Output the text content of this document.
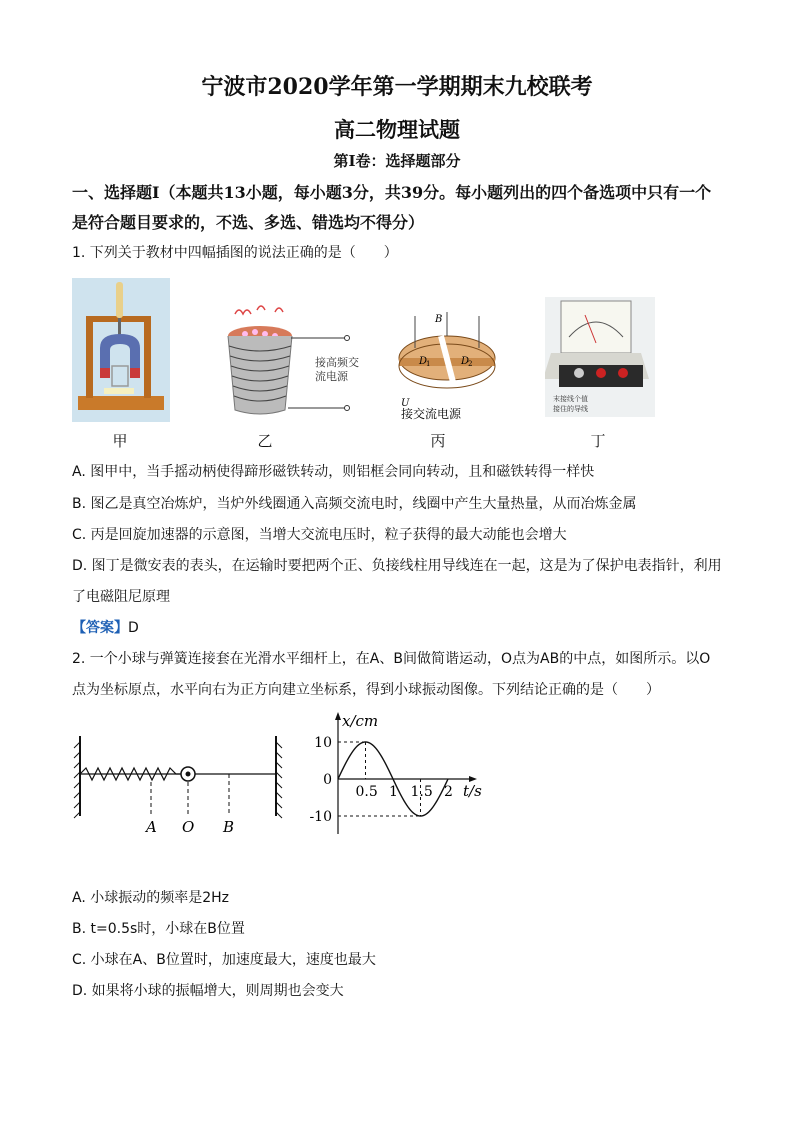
宁波市2020学年第一学期期末九校联考
高二物理试题
第Ⅰ卷：选择题部分
一、选择题Ⅰ（本题共13小题，每小题3分，共39分。每小题列出的四个备选项中只有一个
是符合题目要求的，不选、多选、错选均不得分）
1. 下列关于教材中四幅插图的说法正确的是（　　）
接高频交
流电源
B
D
1	D
2
U
接交流电源
末接线个值
接住的导线
甲	乙	丙	丁
A. 图甲中，当手摇动柄使得蹄形磁铁转动，则铝框会同向转动，且和磁铁转得一样快
B. 图乙是真空冶炼炉，当炉外线圈通入高频交流电时，线圈中产生大量热量，从而冶炼金属
C. 丙是回旋加速器的示意图，当增大交流电压时，粒子获得的最大动能也会增大
D. 图丁是微安表的表头，在运输时要把两个正、负接线柱用导线连在一起，这是为了保护电表指针，利用
了电磁阻尼原理
【答案】D
2. 一个小球与弹簧连接套在光滑水平细杆上，在A、B间做简谐运动，O点为AB的中点，如图所示。以O
点为坐标原点，水平向右为正方向建立坐标系，得到小球振动图像。下列结论正确的是（　　）
A O B
x/cm
t/s
0.5 1 1.5 2
10
0
-10
A. 小球振动的频率是2Hz
B. t=0.5s时，小球在B位置
C. 小球在A、B位置时，加速度最大，速度也最大
D. 如果将小球的振幅增大，则周期也会变大
